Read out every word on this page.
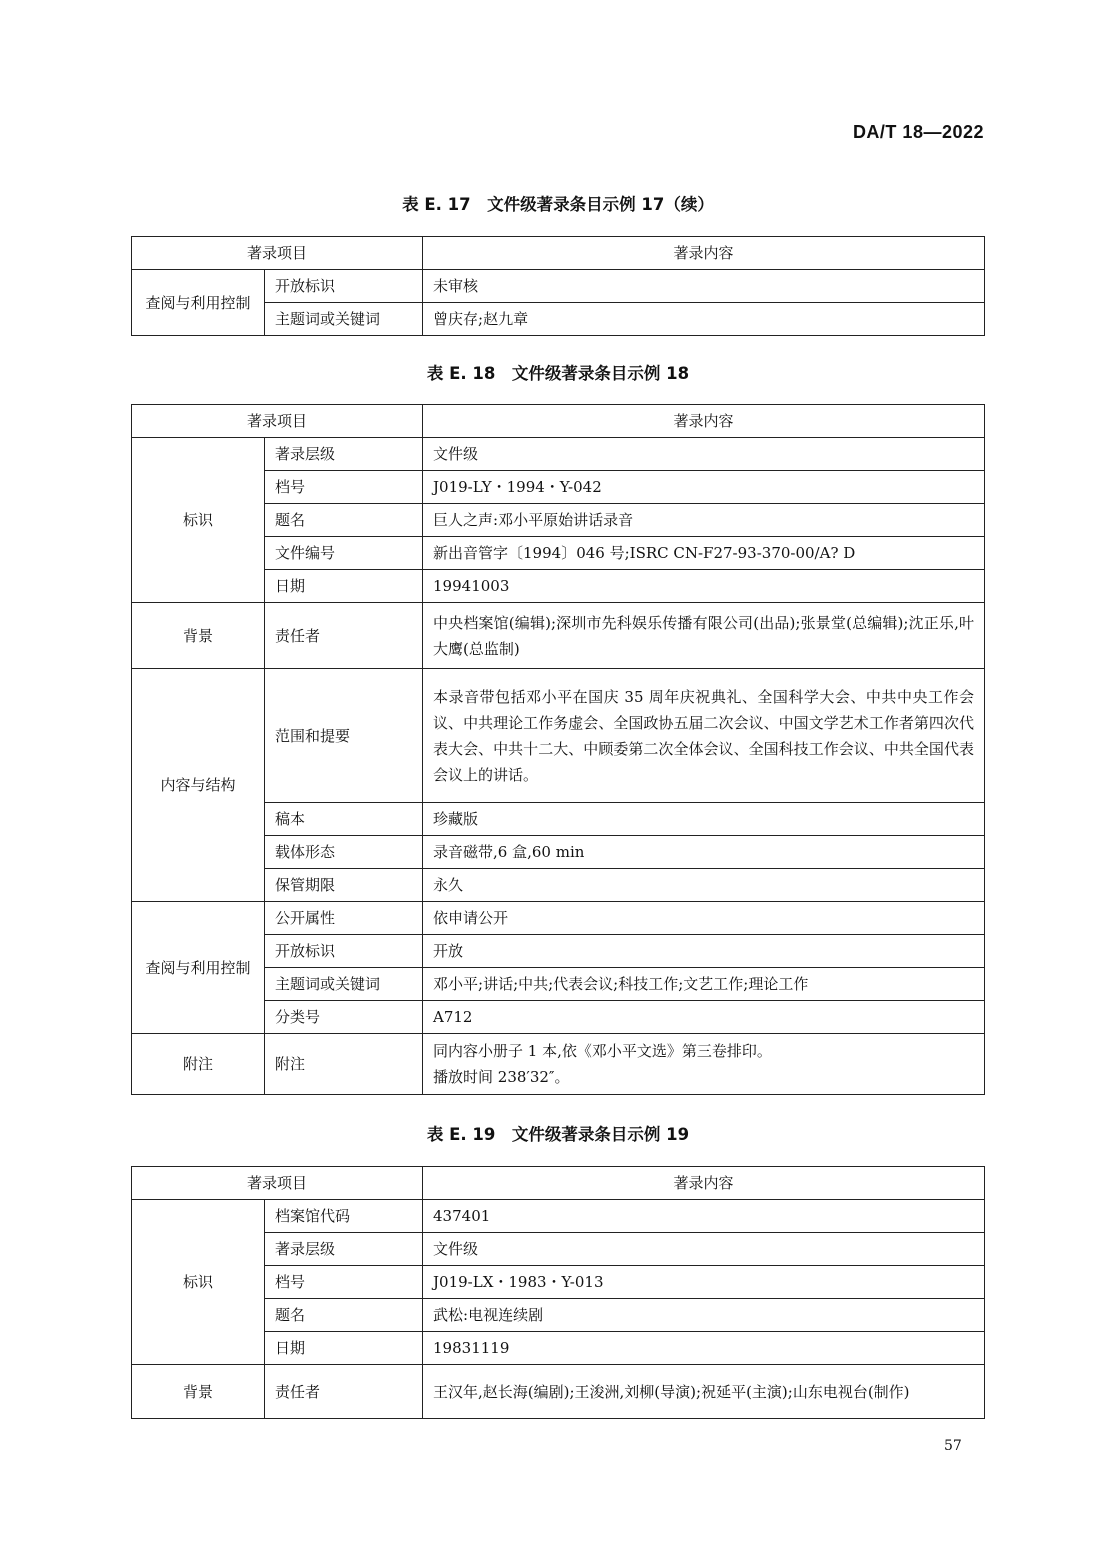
DA/T 18—2022
表 E. 17　文件级著录条目示例 17（续）
著录项目		著录内容
查阅与利用控制	开放标识	未审核
	主题词或关键词	曾庆存;赵九章
表 E. 18　文件级著录条目示例 18
著录项目		著录内容
标识	著录层级	文件级
	档号	J019-LY・1994・Y-042
	题名	巨人之声:邓小平原始讲话录音
	文件编号	新出音管字〔1994〕046 号;ISRC CN-F27-93-370-00/A? D
	日期	19941003
背景	责任者	中央档案馆(编辑);深圳市先科娱乐传播有限公司(出品);张景堂(总编辑);沈正乐,叶大鹰(总监制)
内容与结构	范围和提要	本录音带包括邓小平在国庆 35 周年庆祝典礼、全国科学大会、中共中央工作会议、中共理论工作务虚会、全国政协五届二次会议、中国文学艺术工作者第四次代表大会、中共十二大、中顾委第二次全体会议、全国科技工作会议、中共全国代表会议上的讲话。
	稿本	珍藏版
	载体形态	录音磁带,6 盒,60 min
	保管期限	永久
查阅与利用控制	公开属性	依申请公开
	开放标识	开放
	主题词或关键词	邓小平;讲话;中共;代表会议;科技工作;文艺工作;理论工作
	分类号	A712
附注	附注	同内容小册子 1 本,依《邓小平文选》第三卷排印。
播放时间 238′32″。
表 E. 19　文件级著录条目示例 19
著录项目		著录内容
标识	档案馆代码	437401
	著录层级	文件级
	档号	J019-LX・1983・Y-013
	题名	武松:电视连续剧
	日期	19831119
背景	责任者	王汉年,赵长海(编剧);王浚洲,刘柳(导演);祝延平(主演);山东电视台(制作)
57
